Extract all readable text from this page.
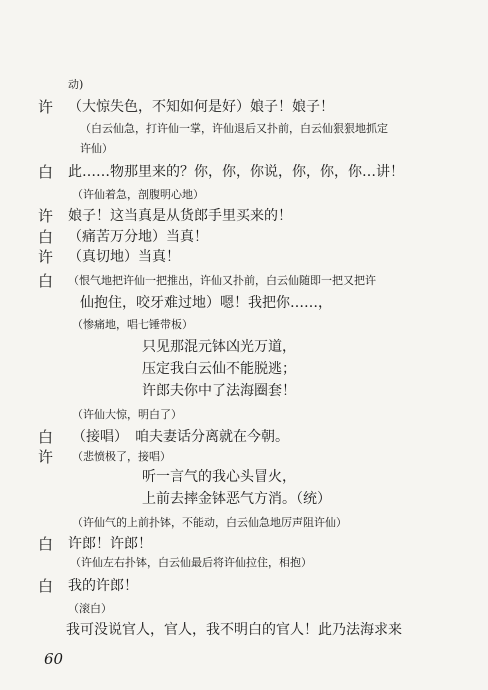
动)
许 （大惊失色，不知如何是好）娘子！娘子！
（白云仙急，打许仙一掌，许仙退后又扑前，白云仙狠狠地抓定
许仙）
白 此……物那里来的？你，你，你说，你，你，你…讲！
（许仙着急，剖腹明心地）
许 娘子！这当真是从货郎手里买来的！
白 （痛苦万分地）当真！
许 （真切地）当真！
白 （恨气地把许仙一把推出，许仙又扑前，白云仙随即一把又把许
仙抱住，咬牙难过地）嗯！我把你……，
（惨痛地，唱七锤带板）
只见那混元钵凶光万道，
压定我白云仙不能脱逃；
许郎夫你中了法海圈套！
（许仙大惊，明白了）
白 （接唱）　咱夫妻话分离就在今朝。
许 （悲愤极了，接唱）
听一言气的我心头冒火，
上前去摔金钵恶气方消。（统）
（许仙气的上前扑钵，不能动，白云仙急地厉声阻许仙）
白 许郎！许郎！
（许仙左右扑钵，白云仙最后将许仙拉住，相抱）
白 我的许郎！
（滚白）
我可没说官人，官人，我不明白的官人！此乃法海求来
60
